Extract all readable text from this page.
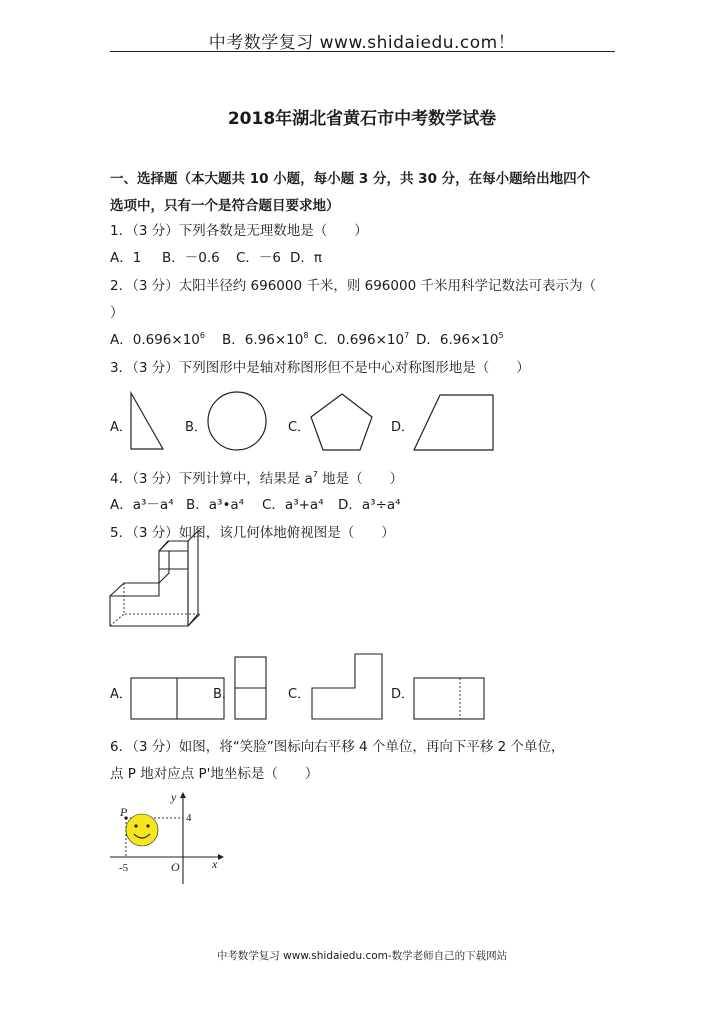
中考数学复习 www.shidaiedu.com！
2018年湖北省黄石市中考数学试卷
一、选择题（本大题共 10 小题，每小题 3 分，共 30 分，在每小题给出地四个
选项中，只有一个是符合题目要求地）
1．（3 分）下列各数是无理数地是（　　）
A．1 B．－0.6 C．－6 D．π
2．（3 分）太阳半径约 696000 千米，则 696000 千米用科学记数法可表示为（
）
A．$0.696\times 10^6$ B．$6.96\times 10^8$ C．$0.696\times 10^7$ D．$6.96\times 10^5$
3．（3 分）下列图形中是轴对称图形但不是中心对称图形地是（　　）
A．	B．	C．	D．
4．（3 分）下列计算中，结果是 $a^7$ 地是（　　）
A．a³－a⁴ B．a³•a⁴ C．a³+a⁴ D．a³÷a⁴
5．（3 分）如图，该几何体地俯视图是（　　）
A．	B．	C．	D．
6．（3 分）如图，将“笑脸”图标向右平移 4 个单位，再向下平移 2 个单位，
点 P 地对应点 P'地坐标是（　　）
y
x
O
P
-5
4
中考数学复习 www.shidaiedu.com-数学老师自己的下载网站
